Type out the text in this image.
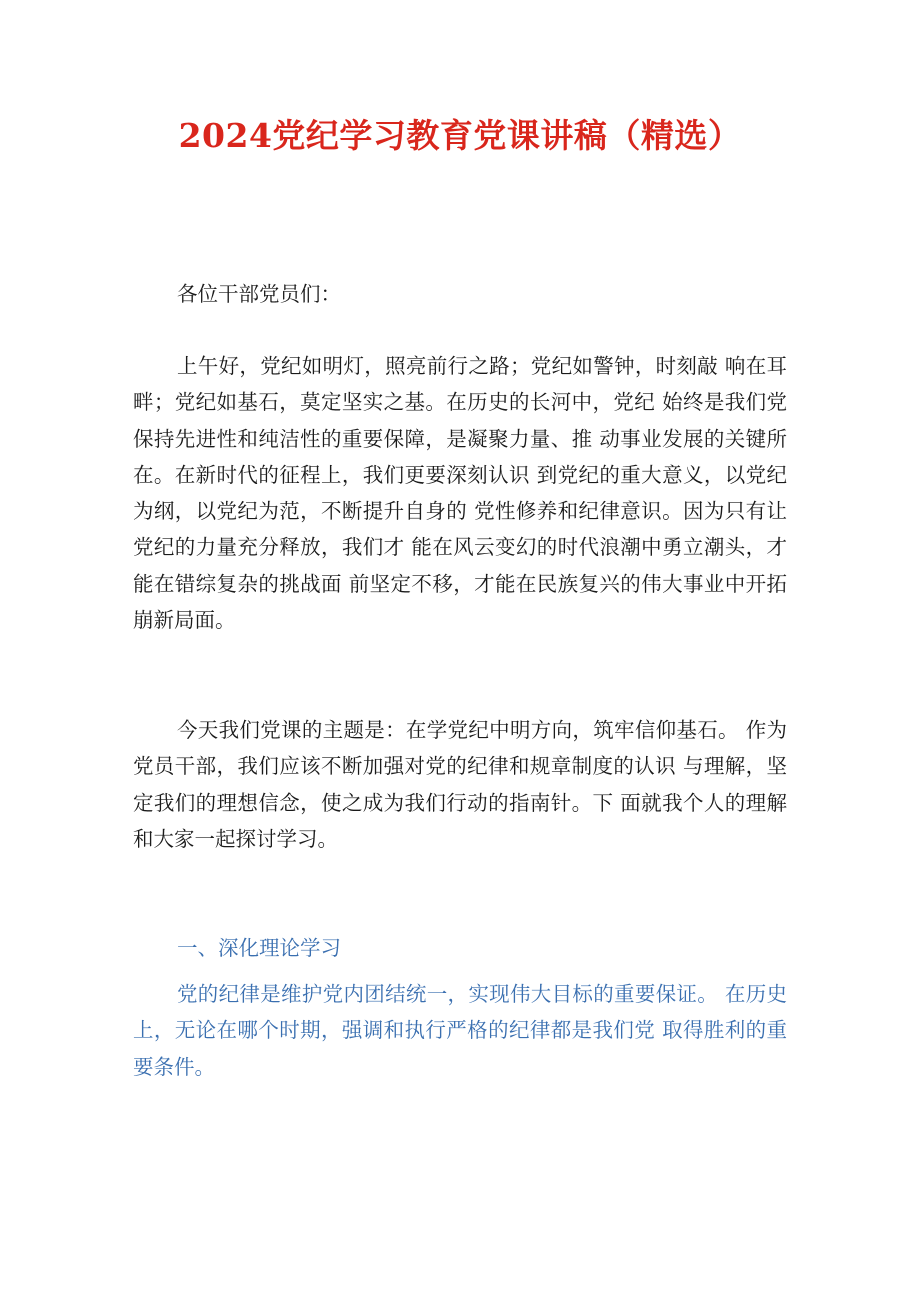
2024党纪学习教育党课讲稿（精选）
各位干部党员们：
上午好，党纪如明灯，照亮前行之路；党纪如警钟，时刻敲 响在耳畔；党纪如基石，莫定坚实之基。在历史的长河中，党纪 始终是我们党保持先进性和纯洁性的重要保障，是凝聚力量、推 动事业发展的关键所在。在新时代的征程上，我们更要深刻认识 到党纪的重大意义，以党纪为纲，以党纪为范，不断提升自身的 党性修养和纪律意识。因为只有让党纪的力量充分释放，我们才 能在风云变幻的时代浪潮中勇立潮头，才能在错综复杂的挑战面 前坚定不移，才能在民族复兴的伟大事业中开拓崩新局面。
今天我们党课的主题是：在学党纪中明方向，筑牢信仰基石。 作为党员干部，我们应该不断加强对党的纪律和规章制度的认识 与理解，坚定我们的理想信念，使之成为我们行动的指南针。下 面就我个人的理解和大家一起探讨学习。
一、深化理论学习
党的纪律是维护党内团结统一，实现伟大目标的重要保证。 在历史上，无论在哪个时期，强调和执行严格的纪律都是我们党 取得胜利的重要条件。
